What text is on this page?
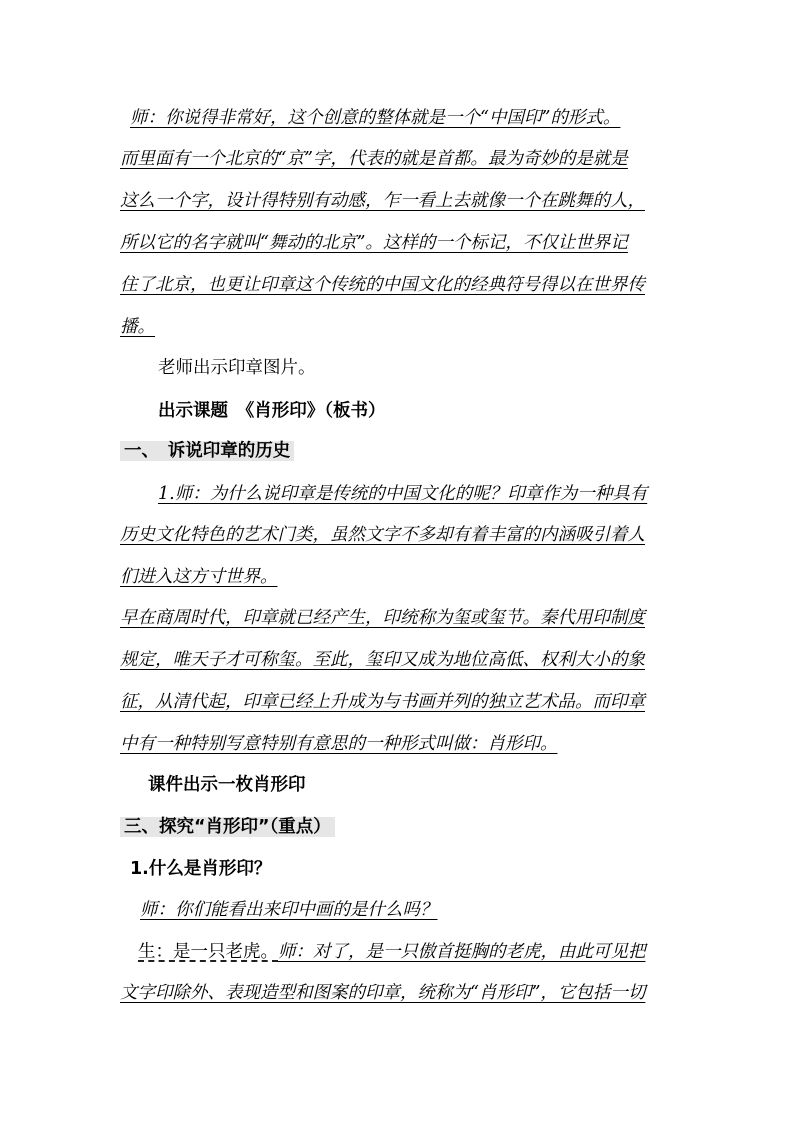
师：你说得非常好，这个创意的整体就是一个“中国印”的形式。
而里面有一个北京的“京”字，代表的就是首都。最为奇妙的是就是
这么一个字，设计得特别有动感，乍一看上去就像一个在跳舞的人，
所以它的名字就叫“舞动的北京”。这样的一个标记，不仅让世界记
住了北京，也更让印章这个传统的中国文化的经典符号得以在世界传
播。
老师出示印章图片。
出示课题　《肖形印》（板书）
一、　诉说印章的历史
1.师：为什么说印章是传统的中国文化的呢？印章作为一种具有
历史文化特色的艺术门类，虽然文字不多却有着丰富的内涵吸引着人
们进入这方寸世界。
早在商周时代，印章就已经产生，印统称为玺或玺节。秦代用印制度
规定，唯天子才可称玺。至此，玺印又成为地位高低、权利大小的象
征，从清代起，印章已经上升成为与书画并列的独立艺术品。而印章
中有一种特别写意特别有意思的一种形式叫做：肖形印。
课件出示一枚肖形印
三、探究“肖形印”（重点）
1.什么是肖形印？
师：你们能看出来印中画的是什么吗？
生：是一只老虎。师：对了，是一只傲首挺胸的老虎，由此可见把
文字印除外、表现造型和图案的印章，统称为“肖形印”，它包括一切
